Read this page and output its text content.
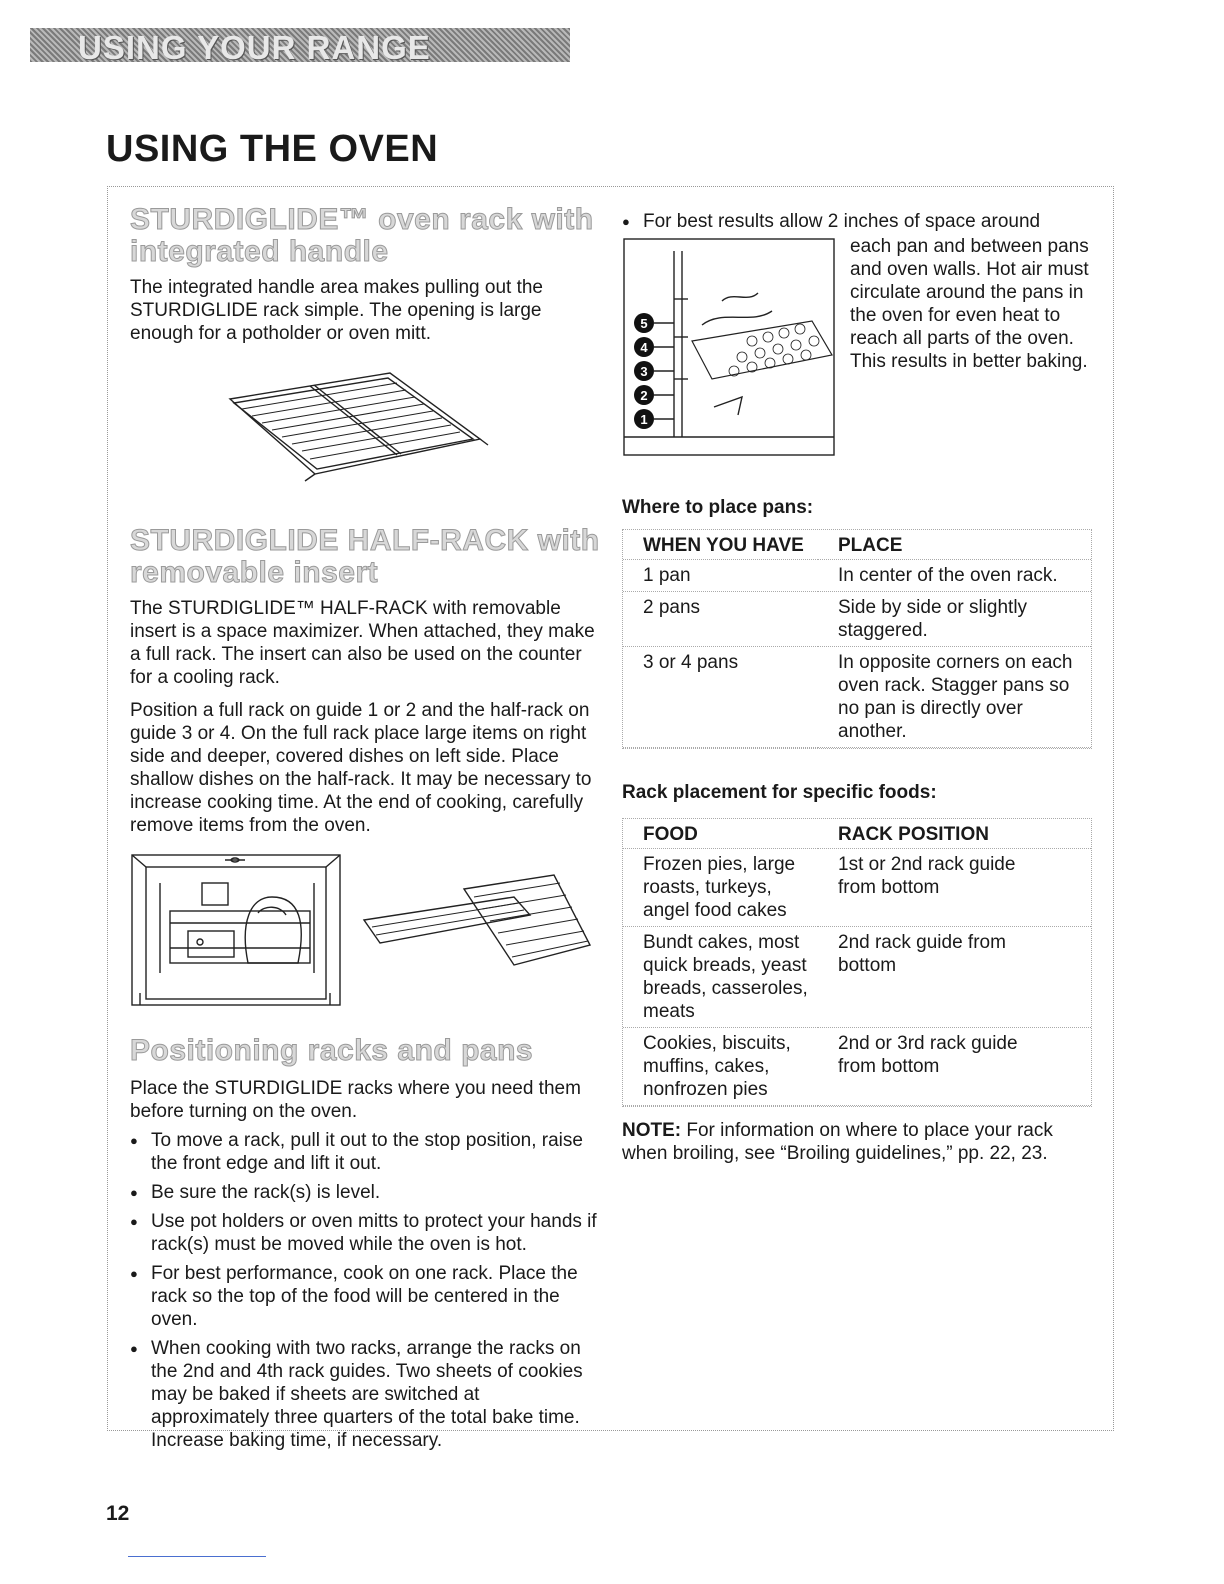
USING YOUR RANGE
USING THE OVEN
STURDIGLIDE™ oven rack with
integrated handle

The integrated handle area makes pulling out the STURDIGLIDE rack simple. The opening is large enough for a potholder or oven mitt.

STURDIGLIDE HALF-RACK with
removable insert

The STURDIGLIDE™ HALF-RACK with removable insert is a space maximizer. When attached, they make a full rack. The insert can also be used on the counter for a cooling rack.

Position a full rack on guide 1 or 2 and the half-rack on guide 3 or 4. On the full rack place large items on right side and deeper, covered dishes on left side. Place shallow dishes on the half-rack. It may be necessary to increase cooking time. At the end of cooking, carefully remove items from the oven.

Positioning racks and pans

Place the STURDIGLIDE racks where you need them before turning on the oven.

● To move a rack, pull it out to the stop position, raise the front edge and lift it out.
● Be sure the rack(s) is level.
● Use pot holders or oven mitts to protect your hands if rack(s) must be moved while the oven is hot.
● For best performance, cook on one rack. Place the rack so the top of the food will be centered in the oven.
● When cooking with two racks, arrange the racks on the 2nd and 4th rack guides. Two sheets of cookies may be baked if sheets are switched at approximately three quarters of the total bake time. Increase baking time, if necessary.

● For best results allow 2 inches of space around

5
4
3
2
1

each pan and between pans and oven walls. Hot air must circulate around the pans in the oven for even heat to reach all parts of the oven. This results in better baking.

Where to place pans:

WHEN YOU HAVE	PLACE
1 pan	In center of the oven rack.
2 pans	Side by side or slightly staggered.
3 or 4 pans	In opposite corners on each oven rack. Stagger pans so no pan is directly over another.

Rack placement for specific foods:

FOOD	RACK POSITION
Frozen pies, large roasts, turkeys, angel food cakes	1st or 2nd rack guide from bottom
Bundt cakes, most quick breads, yeast breads, casseroles, meats	2nd rack guide from bottom
Cookies, biscuits, muffins, cakes, nonfrozen pies	2nd or 3rd rack guide from bottom

NOTE: For information on where to place your rack when broiling, see “Broiling guidelines,” pp. 22, 23.

12
